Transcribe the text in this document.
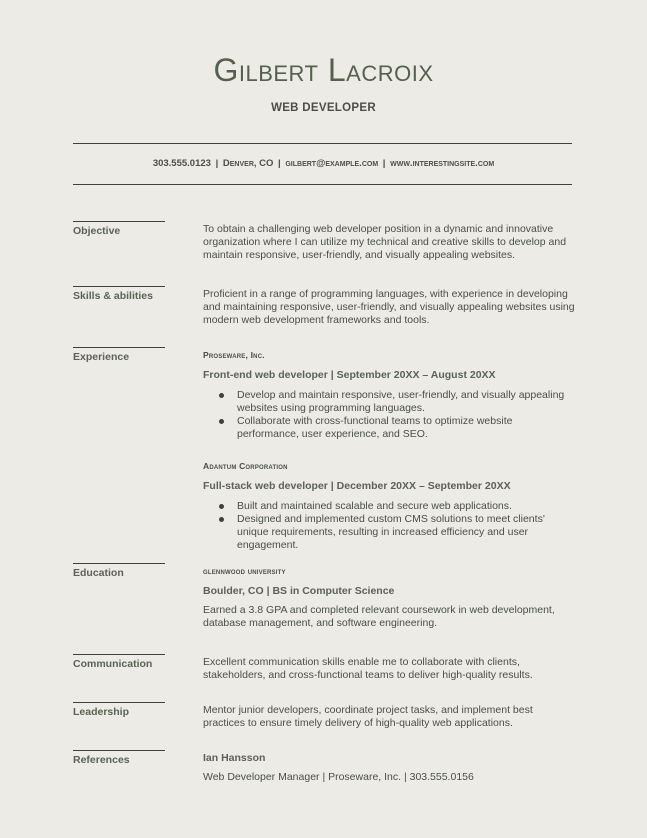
Gilbert Lacroix
WEB DEVELOPER
303.555.0123 | Denver, CO | gilbert@example.com | www.interestingsite.com
Objective	To obtain a challenging web developer position in a dynamic and innovative organization where I can utilize my technical and creative skills to develop and maintain responsive, user-friendly, and visually appealing websites.
Skills & abilities	Proficient in a range of programming languages, with experience in developing and maintaining responsive, user-friendly, and visually appealing websites using modern web development frameworks and tools.
Experience	Proseware, Inc.
Front-end web developer | September 20XX – August 20XX
Develop and maintain responsive, user-friendly, and visually appealing websites using programming languages.
Collaborate with cross-functional teams to optimize website performance, user experience, and SEO.
Adantum Corporation
Full-stack web developer | December 20XX – September 20XX
Built and maintained scalable and secure web applications.
Designed and implemented custom CMS solutions to meet clients' unique requirements, resulting in increased efficiency and user engagement.
Education	glennwood university
Boulder, CO | BS in Computer Science
Earned a 3.8 GPA and completed relevant coursework in web development, database management, and software engineering.
Communication	Excellent communication skills enable me to collaborate with clients, stakeholders, and cross-functional teams to deliver high-quality results.
Leadership	Mentor junior developers, coordinate project tasks, and implement best practices to ensure timely delivery of high-quality web applications.
References	Ian Hansson
Web Developer Manager | Proseware, Inc. | 303.555.0156
